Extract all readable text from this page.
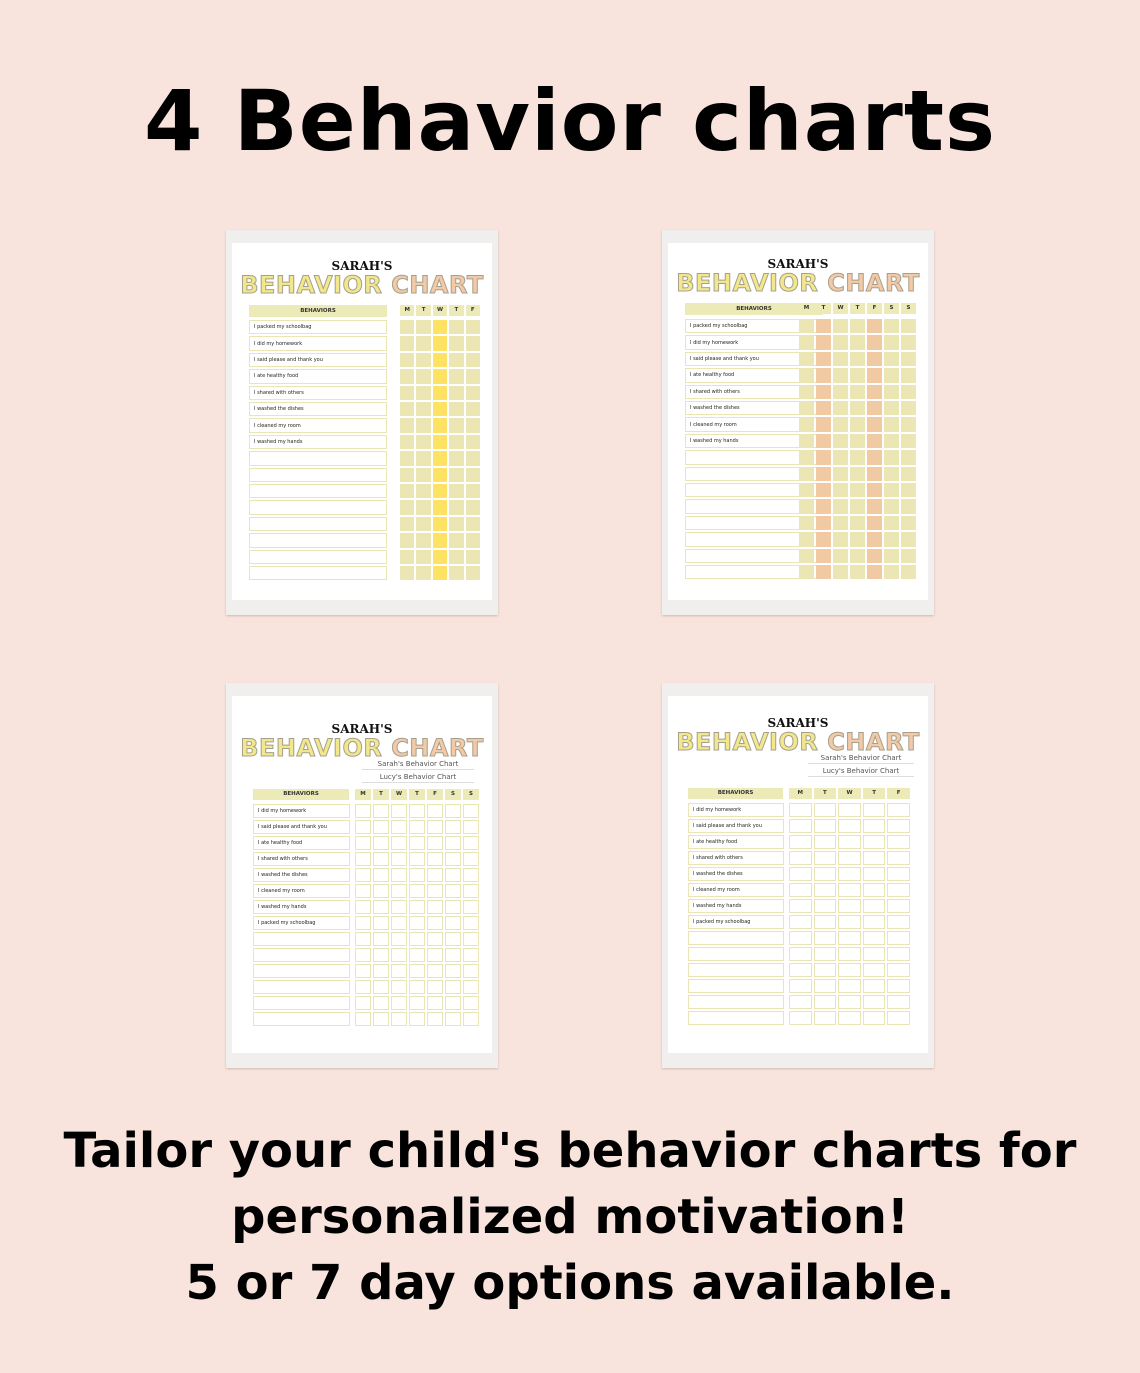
4 Behavior charts
SARAH'S
BEHAVIOR CHART
BEHAVIORS	M	T	W	T	F
I packed my schoolbag
I did my homework
I said please and thank you
I ate healthy food
I shared with others
I washed the dishes
I cleaned my room
I washed my hands
SARAH'S
BEHAVIOR CHART
BEHAVIORS	M	T	W	T	F	S	S
I packed my schoolbag
I did my homework
I said please and thank you
I ate healthy food
I shared with others
I washed the dishes
I cleaned my room
I washed my hands
SARAH'S
BEHAVIOR CHART
Sarah's Behavior Chart
Lucy's Behavior Chart
BEHAVIORS	M	T	W	T	F	S	S
I did my homework
I said please and thank you
I ate healthy food
I shared with others
I washed the dishes
I cleaned my room
I washed my hands
I packed my schoolbag
SARAH'S
BEHAVIOR CHART
Sarah's Behavior Chart
Lucy's Behavior Chart
BEHAVIORS	M	T	W	T	F
I did my homework
I said please and thank you
I ate healthy food
I shared with others
I washed the dishes
I cleaned my room
I washed my hands
I packed my schoolbag
Tailor your child's behavior charts for
personalized motivation!
5 or 7 day options available.
